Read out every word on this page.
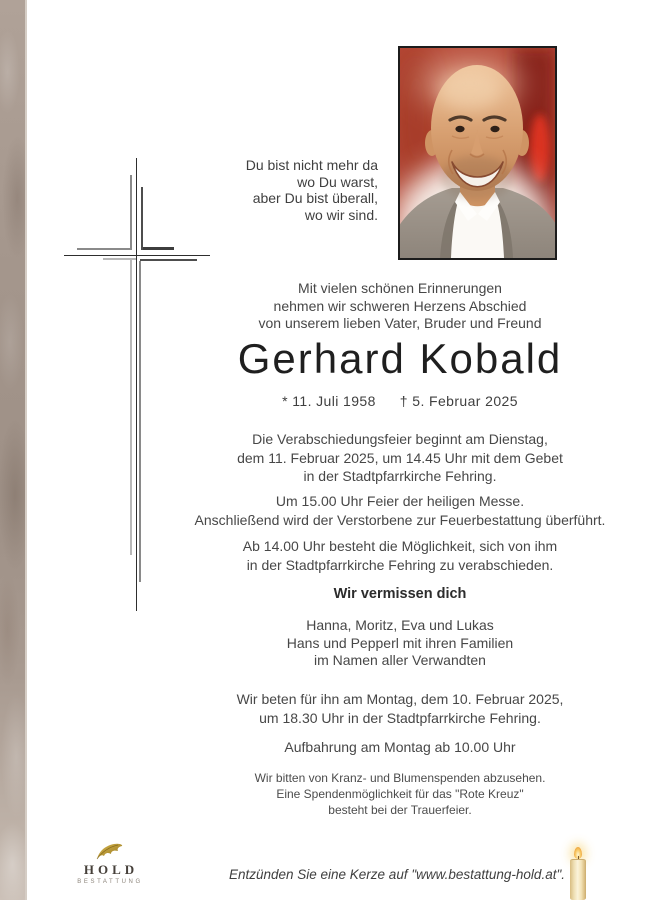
Du bist nicht mehr da
wo Du warst,
aber Du bist überall,
wo wir sind.
Mit vielen schönen Erinnerungen
nehmen wir schweren Herzens Abschied
von unserem lieben Vater, Bruder und Freund
Gerhard Kobald
* 11. Juli 1958 † 5. Februar 2025
Die Verabschiedungsfeier beginnt am Dienstag,
dem 11. Februar 2025, um 14.45 Uhr mit dem Gebet
in der Stadtpfarrkirche Fehring.
Um 15.00 Uhr Feier der heiligen Messe.
Anschließend wird der Verstorbene zur Feuerbestattung überführt.
Ab 14.00 Uhr besteht die Möglichkeit, sich von ihm
in der Stadtpfarrkirche Fehring zu verabschieden.
Wir vermissen dich
Hanna, Moritz, Eva und Lukas
Hans und Pepperl mit ihren Familien
im Namen aller Verwandten
Wir beten für ihn am Montag, dem 10. Februar 2025,
um 18.30 Uhr in der Stadtpfarrkirche Fehring.
Aufbahrung am Montag ab 10.00 Uhr
Wir bitten von Kranz- und Blumenspenden abzusehen.
Eine Spendenmöglichkeit für das "Rote Kreuz"
besteht bei der Trauerfeier.
HOLD
BESTATTUNG	Entzünden Sie eine Kerze auf "www.bestattung-hold.at".
